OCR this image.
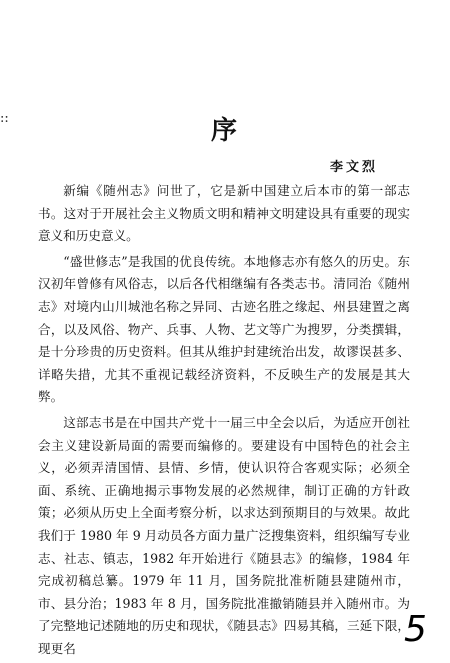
::	序
李文烈

新编《随州志》问世了，它是新中国建立后本市的第一部志书。这对于开展社会主义物质文明和精神文明建设具有重要的现实意义和历史意义。

“盛世修志”是我国的优良传统。本地修志亦有悠久的历史。东汉初年曾修有风俗志，以后各代相继编有各类志书。清同治《随州志》对境内山川城池名称之异同、古迹名胜之缘起、州县建置之离合，以及风俗、物产、兵事、人物、艺文等广为搜罗，分类撰辑，是十分珍贵的历史资料。但其从维护封建统治出发，故谬误甚多、详略失措，尤其不重视记载经济资料，不反映生产的发展是其大弊。

这部志书是在中国共产党十一届三中全会以后，为适应开创社会主义建设新局面的需要而编修的。要建设有中国特色的社会主义，必须弄清国情、县情、乡情，使认识符合客观实际；必须全面、系统、正确地揭示事物发展的必然规律，制订正确的方针政策；必须从历史上全面考察分析，以求达到预期目的与效果。故此我们于 1980 年 9 月动员各方面力量广泛搜集资料，组织编写专业志、社志、镇志，1982 年开始进行《随县志》的编修，1984 年完成初稿总纂。1979 年 11 月，国务院批准析随县建随州市，市、县分治；1983 年 8 月，国务院批准撤销随县并入随州市。为了完整地记述随地的历史和现状，《随县志》四易其稿，三延下限，现更名	5
